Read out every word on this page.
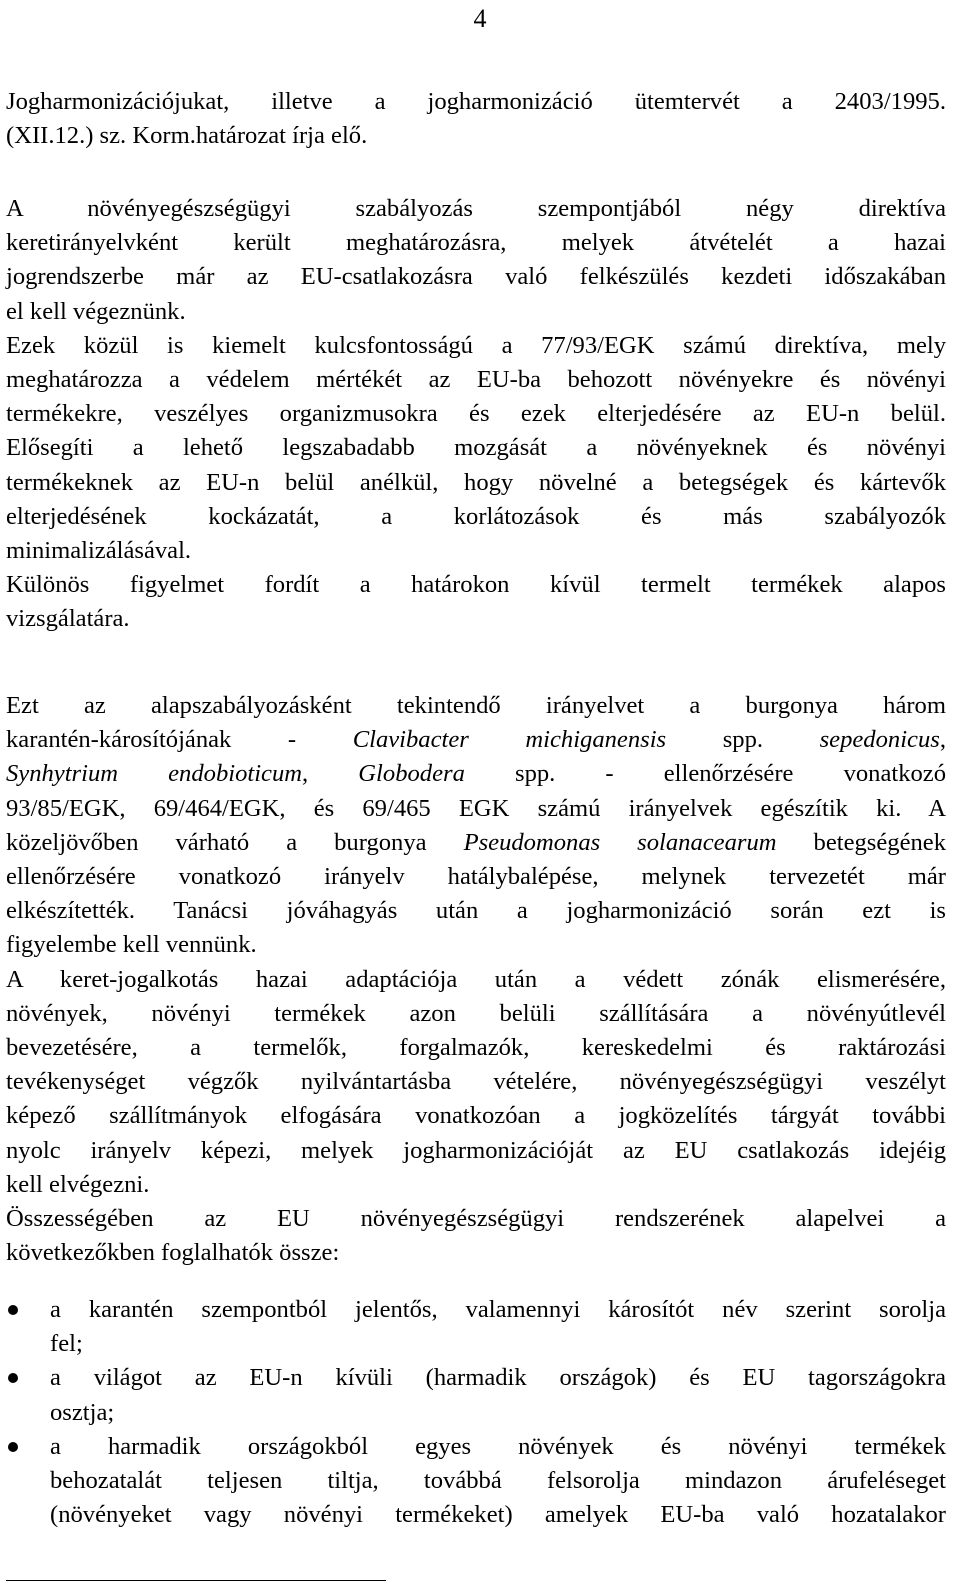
4
Jogharmonizációjukat, illetve a jogharmonizáció ütemtervét a 2403/1995.
(XII.12.) sz. Korm.határozat írja elő.
A növényegészségügyi szabályozás szempontjából négy direktíva
keretirányelvként került meghatározásra, melyek átvételét a hazai
jogrendszerbe már az EU-csatlakozásra való felkészülés kezdeti időszakában
el kell végeznünk.
Ezek közül is kiemelt kulcsfontosságú a 77/93/EGK számú direktíva, mely
meghatározza a védelem mértékét az EU-ba behozott növényekre és növényi
termékekre, veszélyes organizmusokra és ezek elterjedésére az EU-n belül.
Elősegíti a lehető legszabadabb mozgását a növényeknek és növényi
termékeknek az EU-n belül anélkül, hogy növelné a betegségek és kártevők
elterjedésének kockázatát, a korlátozások és más szabályozók
minimalizálásával.
Különös figyelmet fordít a határokon kívül termelt termékek alapos
vizsgálatára.
Ezt az alapszabályozásként tekintendő irányelvet a burgonya három
karantén-károsítójának - Clavibacter michiganensis spp. sepedonicus,
Synhytrium endobioticum, Globodera spp. - ellenőrzésére vonatkozó
93/85/EGK, 69/464/EGK, és 69/465 EGK számú irányelvek egészítik ki. A
közeljövőben várható a burgonya Pseudomonas solanacearum betegségének
ellenőrzésére vonatkozó irányelv hatálybalépése, melynek tervezetét már
elkészítették. Tanácsi jóváhagyás után a jogharmonizáció során ezt is
figyelembe kell vennünk.
A keret-jogalkotás hazai adaptációja után a védett zónák elismerésére,
növények, növényi termékek azon belüli szállítására a növényútlevél
bevezetésére, a termelők, forgalmazók, kereskedelmi és raktározási
tevékenységet végzők nyilvántartásba vételére, növényegészségügyi veszélyt
képező szállítmányok elfogására vonatkozóan a jogközelítés tárgyát további
nyolc irányelv képezi, melyek jogharmonizációját az EU csatlakozás idejéig
kell elvégezni.
Összességében az EU növényegészségügyi rendszerének alapelvei a
következőkben foglalhatók össze:
a karantén szempontból jelentős, valamennyi károsítót név szerint sorolja
fel;
a világot az EU-n kívüli (harmadik országok) és EU tagországokra
osztja;
a harmadik országokból egyes növények és növényi termékek
behozatalát teljesen tiltja, továbbá felsorolja mindazon árufeléseget
(növényeket vagy növényi termékeket) amelyek EU-ba való hozatalakor
